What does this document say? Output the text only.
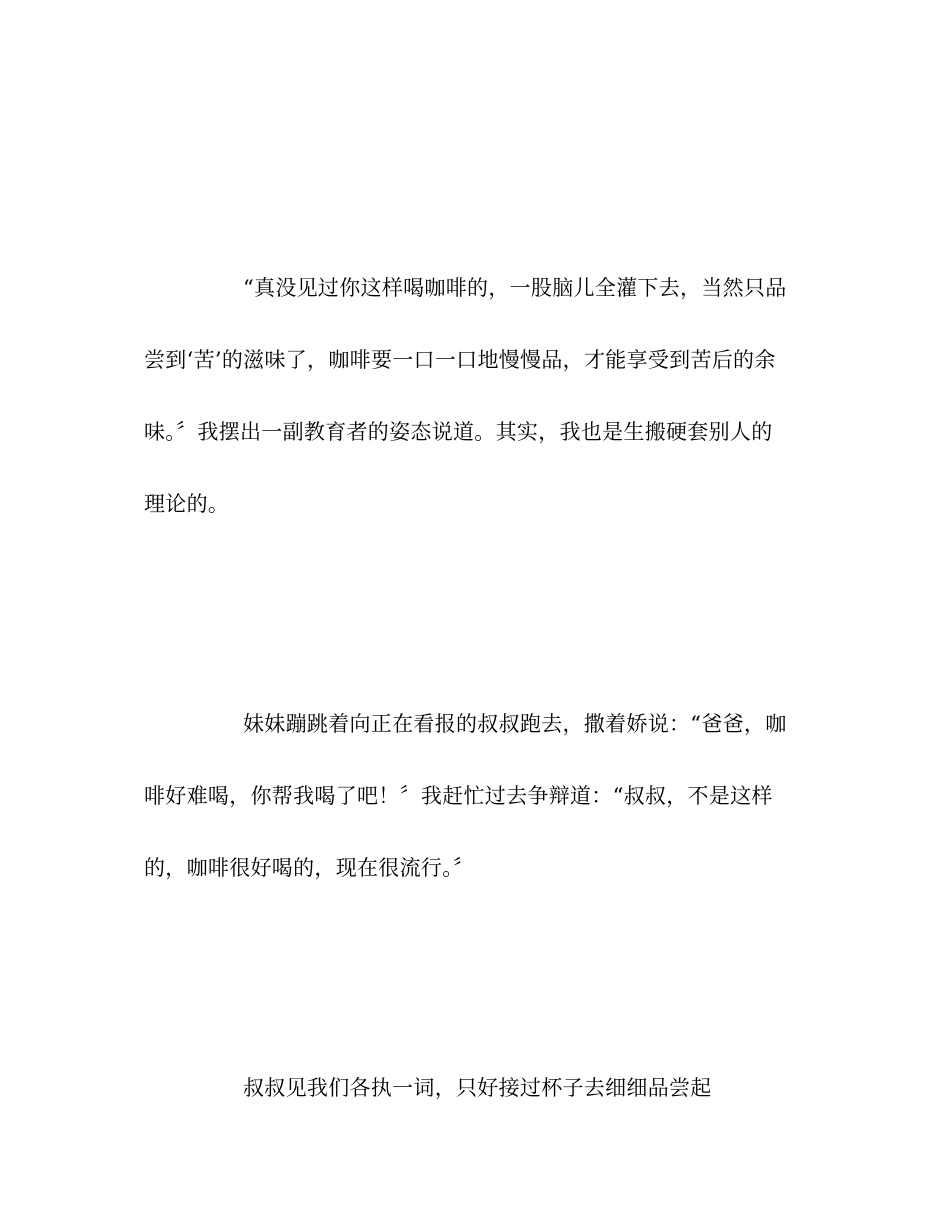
“真没见过你这样喝咖啡的，一股脑儿全灌下去，当然只品
尝到‘苦’的滋味了，咖啡要一口一口地慢慢品，才能享受到苦后的余
味。〞我摆出一副教育者的姿态说道。其实，我也是生搬硬套别人的
理论的。
妹妹蹦跳着向正在看报的叔叔跑去，撒着娇说：“爸爸，咖
啡好难喝，你帮我喝了吧！〞我赶忙过去争辩道：“叔叔，不是这样
的，咖啡很好喝的，现在很流行。〞
叔叔见我们各执一词，只好接过杯子去细细品尝起
